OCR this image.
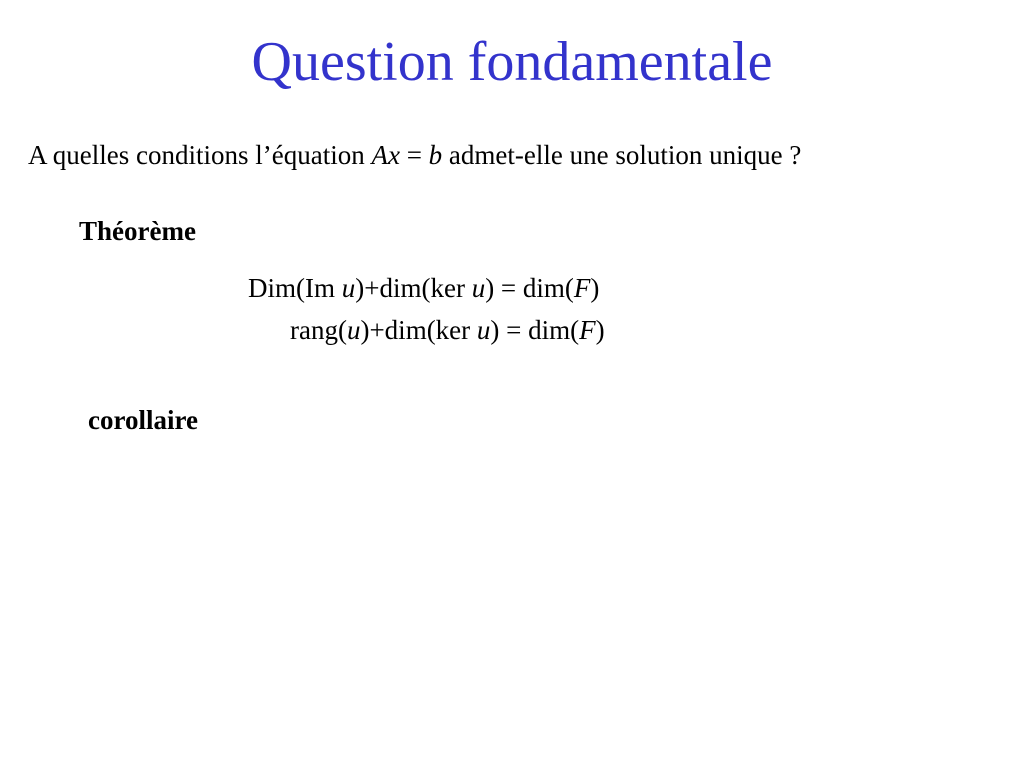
Question fondamentale
A quelles conditions l’équation Ax = b admet-elle une solution unique ?
Théorème
Dim(Im u)+dim(ker u) = dim(F)
rang(u)+dim(ker u) = dim(F)
corollaire
